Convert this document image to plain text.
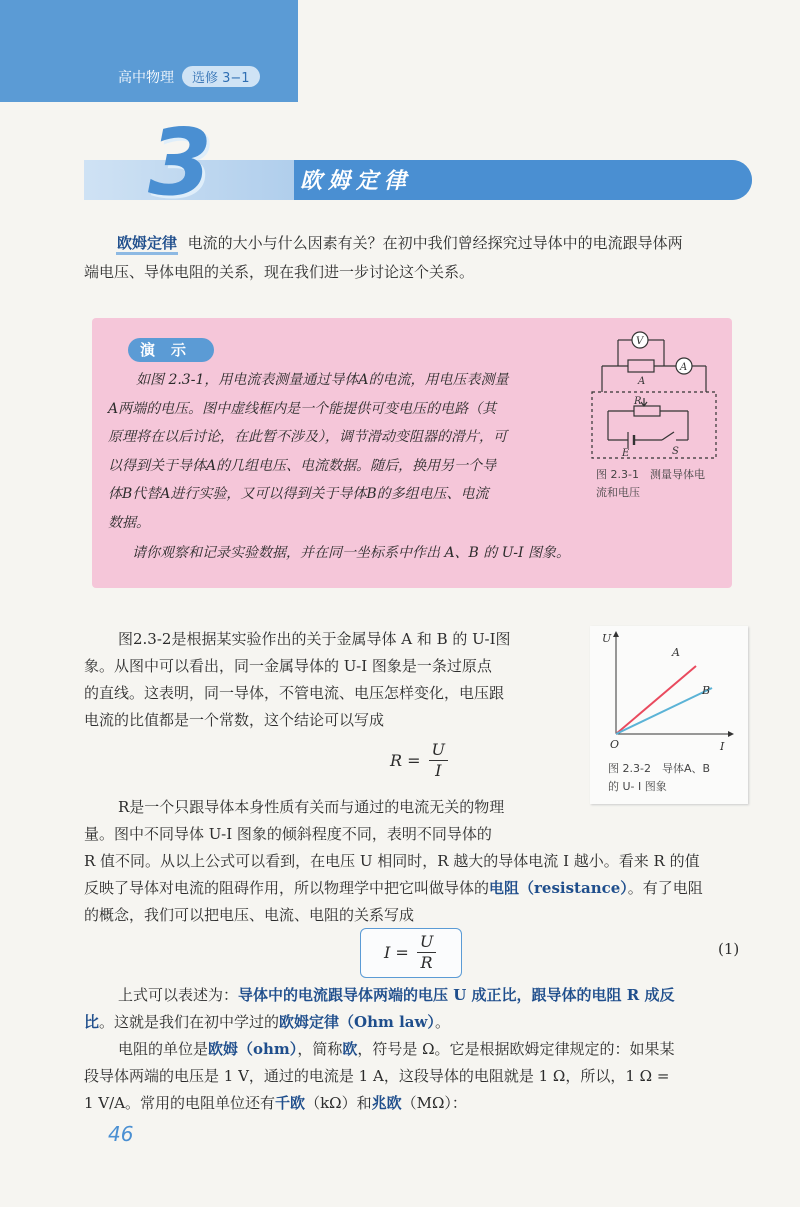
高中物理	选修 3−1
3	欧姆定律
欧姆定律 电流的大小与什么因素有关？在初中我们曾经探究过导体中的电流跟导体两
端电压、导体电阻的关系，现在我们进一步讨论这个关系。
演示
如图 2.3-1，用电流表测量通过导体A的电流，用电压表测量
A两端的电压。图中虚线框内是一个能提供可变电压的电路（其
原理将在以后讨论，在此暂不涉及），调节滑动变阻器的滑片，可
以得到关于导体A的几组电压、电流数据。随后，换用另一个导
体B代替A进行实验，又可以得到关于导体B的多组电压、电流
数据。
请你观察和记录实验数据，并在同一坐标系中作出 A、B 的 U-I 图象。
V
A
A
R
E	S
图 2.3-1　测量导体电
流和电压
图2.3-2是根据某实验作出的关于金属导体 A 和 B 的 U-I图
象。从图中可以看出，同一金属导体的 U-I 图象是一条过原点
的直线。这表明，同一导体，不管电流、电压怎样变化，电压跟
电流的比值都是一个常数，这个结论可以写成
$R = \frac{U}{I}$
U
I
O
A
B
图 2.3-2　导体A、B
的 U- I 图象
R是一个只跟导体本身性质有关而与通过的电流无关的物理
量。图中不同导体 U-I 图象的倾斜程度不同，表明不同导体的
R 值不同。从以上公式可以看到，在电压 U 相同时，R 越大的导体电流 I 越小。看来 R 的值
反映了导体对电流的阻碍作用，所以物理学中把它叫做导体的电阻（resistance）。有了电阻
的概念，我们可以把电压、电流、电阻的关系写成
$I = \frac{U}{R}$	(1)
上式可以表述为：导体中的电流跟导体两端的电压 U 成正比，跟导体的电阻 R 成反
比。这就是我们在初中学过的欧姆定律（Ohm law）。
电阻的单位是欧姆（ohm），简称欧，符号是 Ω。它是根据欧姆定律规定的：如果某
段导体两端的电压是 1 V，通过的电流是 1 A，这段导体的电阻就是 1 Ω，所以，1 Ω =
1 V/A。常用的电阻单位还有千欧（kΩ）和兆欧（MΩ）：
46
